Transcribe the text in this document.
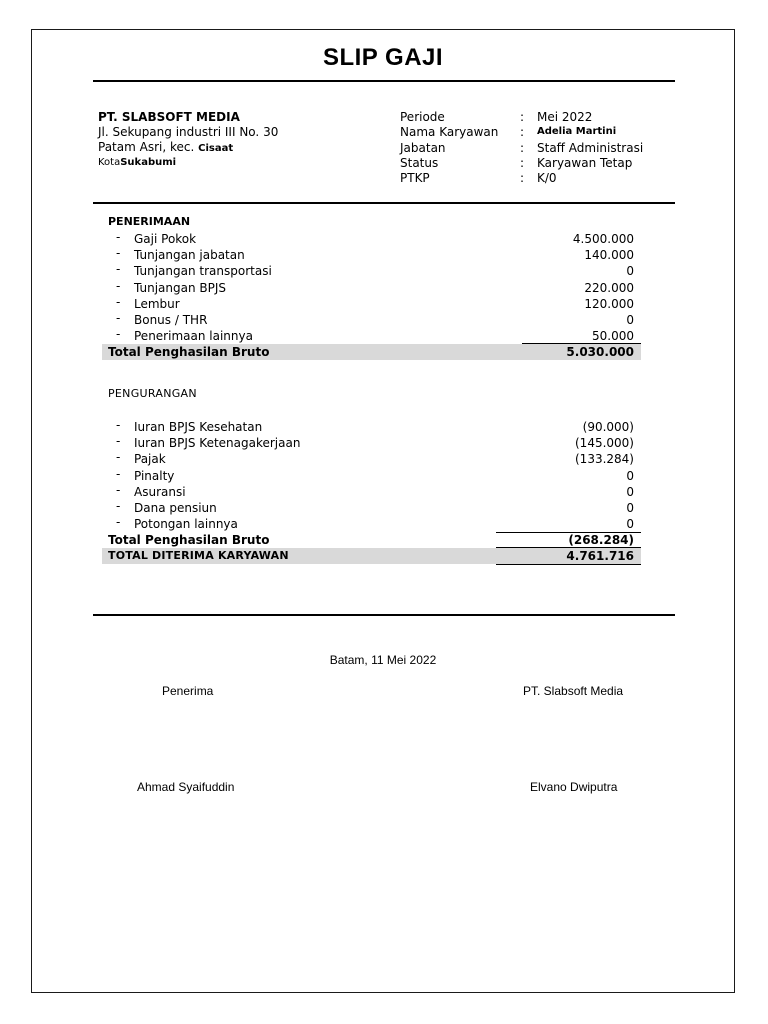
SLIP GAJI
PT. SLABSOFT MEDIA
Jl. Sekupang industri III No. 30
Patam Asri, kec. Cisaat
KotaSukabumi
Periode	: Mei 2022
Nama Karyawan : Adelia Martini
Jabatan	: Staff Administrasi
Status	: Karyawan Tetap
PTKP	: K/0
PENERIMAAN
- Gaji Pokok	4.500.000
- Tunjangan jabatan	140.000
- Tunjangan transportasi	0
- Tunjangan BPJS	220.000
- Lembur	120.000
- Bonus / THR	0
- Penerimaan lainnya	50.000
Total Penghasilan Bruto	5.030.000
PENGURANGAN
- Iuran BPJS Kesehatan	(90.000)
- Iuran BPJS Ketenagakerjaan	(145.000)
- Pajak	(133.284)
- Pinalty	0
- Asuransi	0
- Dana pensiun	0
- Potongan lainnya	0
Total Penghasilan Bruto	(268.284)
TOTAL DITERIMA KARYAWAN	4.761.716
Batam, 11 Mei 2022
Penerima	PT. Slabsoft Media
Ahmad Syaifuddin	Elvano Dwiputra
